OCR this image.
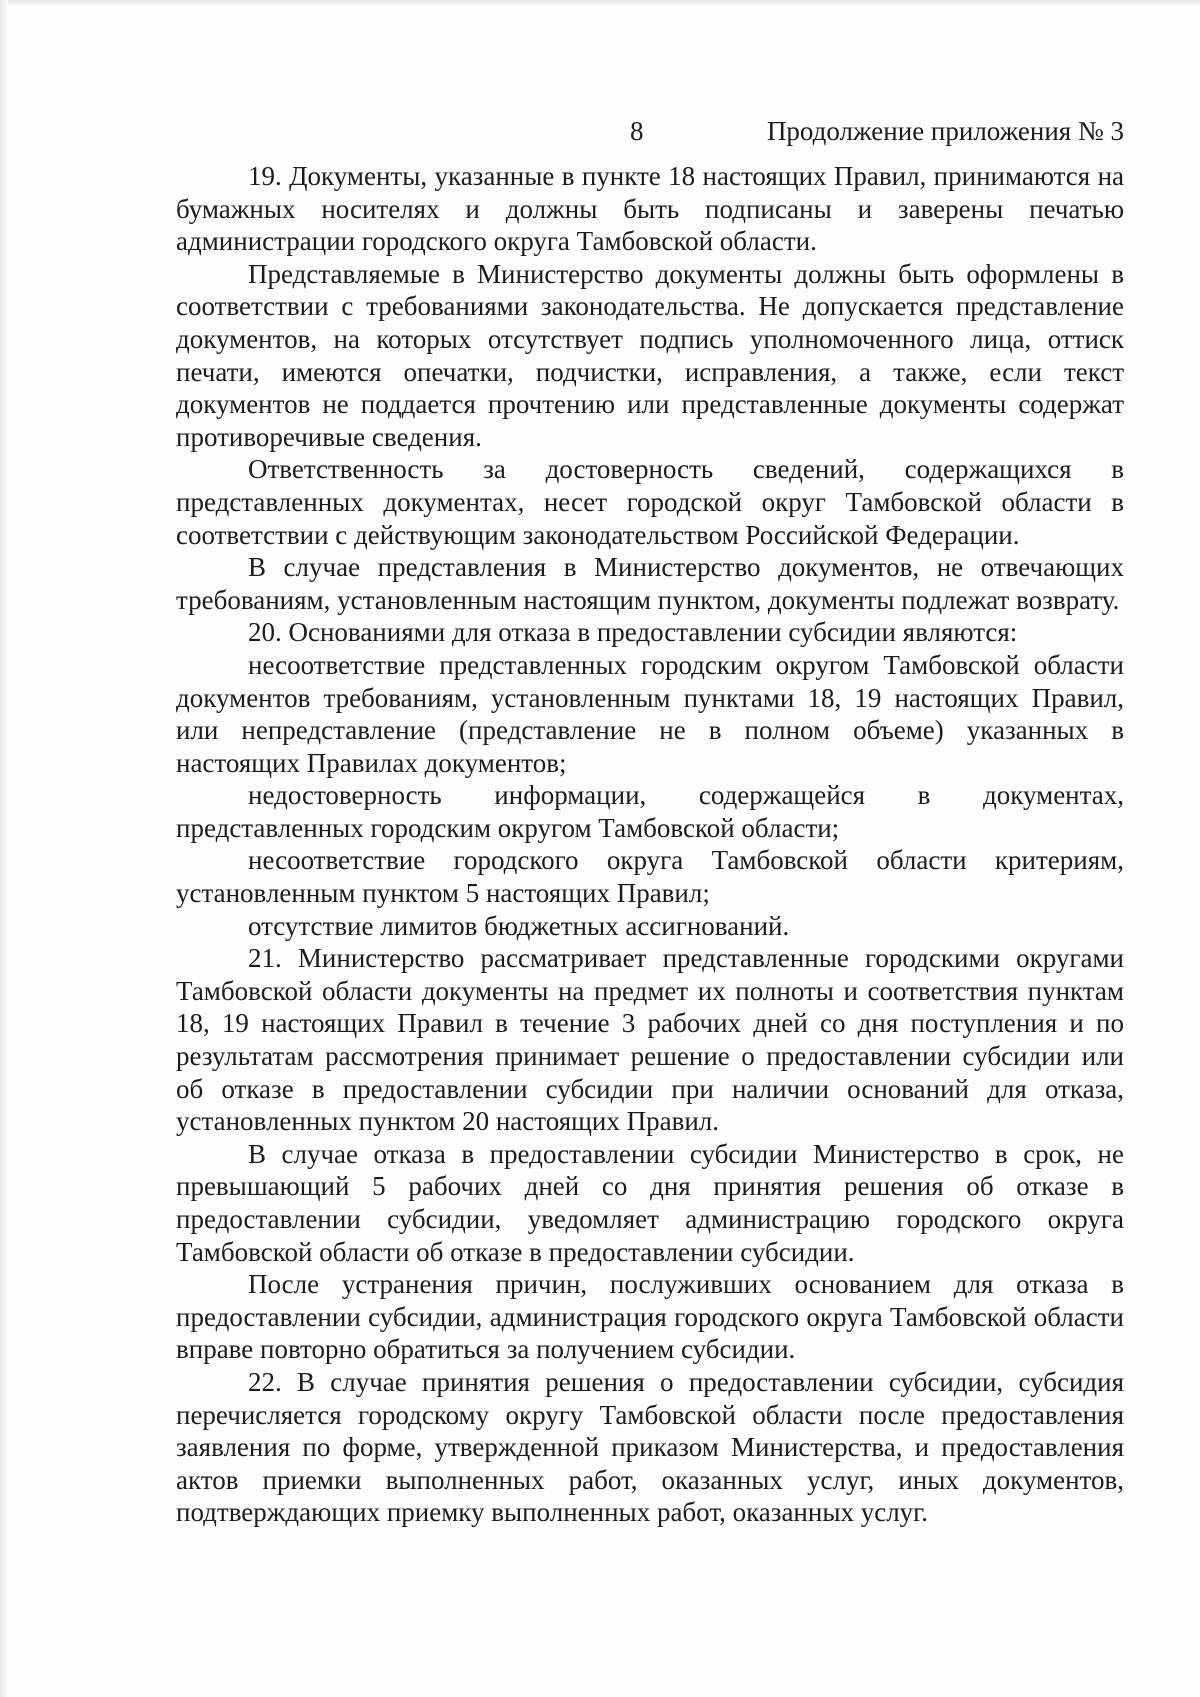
8	Продолжение приложения № 3

19. Документы, указанные в пункте 18 настоящих Правил, принимаются на бумажных носителях и должны быть подписаны и заверены печатью администрации городского округа Тамбовской области.

Представляемые в Министерство документы должны быть оформлены в соответствии с требованиями законодательства. Не допускается представление документов, на которых отсутствует подпись уполномоченного лица, оттиск печати, имеются опечатки, подчистки, исправления, а также, если текст документов не поддается прочтению или представленные документы содержат противоречивые сведения.

Ответственность за достоверность сведений, содержащихся в представленных документах, несет городской округ Тамбовской области в соответствии с действующим законодательством Российской Федерации.

В случае представления в Министерство документов, не отвечающих требованиям, установленным настоящим пунктом, документы подлежат возврату.

20. Основаниями для отказа в предоставлении субсидии являются:

несоответствие представленных городским округом Тамбовской области документов требованиям, установленным пунктами 18, 19 настоящих Правил, или непредставление (представление не в полном объеме) указанных в настоящих Правилах документов;

недостоверность информации, содержащейся в документах, представленных городским округом Тамбовской области;

несоответствие городского округа Тамбовской области критериям, установленным пунктом 5 настоящих Правил;

отсутствие лимитов бюджетных ассигнований.

21. Министерство рассматривает представленные городскими округами Тамбовской области документы на предмет их полноты и соответствия пунктам 18, 19 настоящих Правил в течение 3 рабочих дней со дня поступления и по результатам рассмотрения принимает решение о предоставлении субсидии или об отказе в предоставлении субсидии при наличии оснований для отказа, установленных пунктом 20 настоящих Правил.

В случае отказа в предоставлении субсидии Министерство в срок, не превышающий 5 рабочих дней со дня принятия решения об отказе в предоставлении субсидии, уведомляет администрацию городского округа Тамбовской области об отказе в предоставлении субсидии.

После устранения причин, послуживших основанием для отказа в предоставлении субсидии, администрация городского округа Тамбовской области вправе повторно обратиться за получением субсидии.

22. В случае принятия решения о предоставлении субсидии, субсидия перечисляется городскому округу Тамбовской области после предоставления заявления по форме, утвержденной приказом Министерства, и предоставления актов приемки выполненных работ, оказанных услуг, иных документов, подтверждающих приемку выполненных работ, оказанных услуг.
